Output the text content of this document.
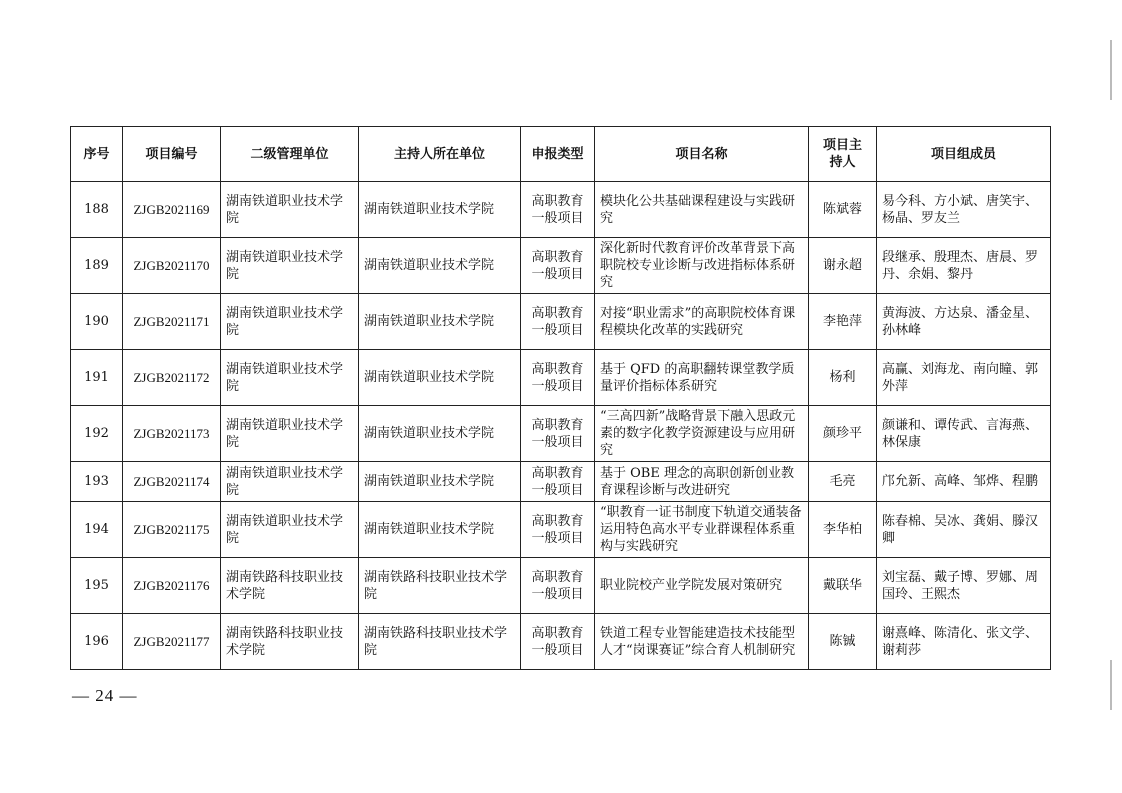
序号	项目编号	二级管理单位	主持人所在单位	申报类型	项目名称	项目主持人	项目组成员
188	ZJGB2021169	湖南铁道职业技术学院	湖南铁道职业技术学院	高职教育一般项目	模块化公共基础课程建设与实践研究	陈斌蓉	易今科、方小斌、唐笑宇、杨晶、罗友兰
189	ZJGB2021170	湖南铁道职业技术学院	湖南铁道职业技术学院	高职教育一般项目	深化新时代教育评价改革背景下高职院校专业诊断与改进指标体系研究	谢永超	段继承、殷理杰、唐晨、罗丹、余娟、黎丹
190	ZJGB2021171	湖南铁道职业技术学院	湖南铁道职业技术学院	高职教育一般项目	对接“职业需求”的高职院校体育课程模块化改革的实践研究	李艳萍	黄海波、方达泉、潘金星、孙林峰
191	ZJGB2021172	湖南铁道职业技术学院	湖南铁道职业技术学院	高职教育一般项目	基于 QFD 的高职翻转课堂教学质量评价指标体系研究	杨利	高赢、刘海龙、南向瞳、郭外萍
192	ZJGB2021173	湖南铁道职业技术学院	湖南铁道职业技术学院	高职教育一般项目	“三高四新”战略背景下融入思政元素的数字化教学资源建设与应用研究	颜珍平	颜谦和、谭传武、言海燕、林保康
193	ZJGB2021174	湖南铁道职业技术学院	湖南铁道职业技术学院	高职教育一般项目	基于 OBE 理念的高职创新创业教育课程诊断与改进研究	毛亮	邝允新、高峰、邹烨、程鹏
194	ZJGB2021175	湖南铁道职业技术学院	湖南铁道职业技术学院	高职教育一般项目	“职教育一证书制度下轨道交通装备运用特色高水平专业群课程体系重构与实践研究	李华柏	陈春棉、吴冰、龚娟、滕汉卿
195	ZJGB2021176	湖南铁路科技职业技术学院	湖南铁路科技职业技术学院	高职教育一般项目	职业院校产业学院发展对策研究	戴联华	刘宝磊、戴子博、罗娜、周国玲、王熙杰
196	ZJGB2021177	湖南铁路科技职业技术学院	湖南铁路科技职业技术学院	高职教育一般项目	铁道工程专业智能建造技术技能型人才“岗课赛证”综合育人机制研究	陈铖	谢熹峰、陈清化、张文学、谢莉莎
— 24 —
